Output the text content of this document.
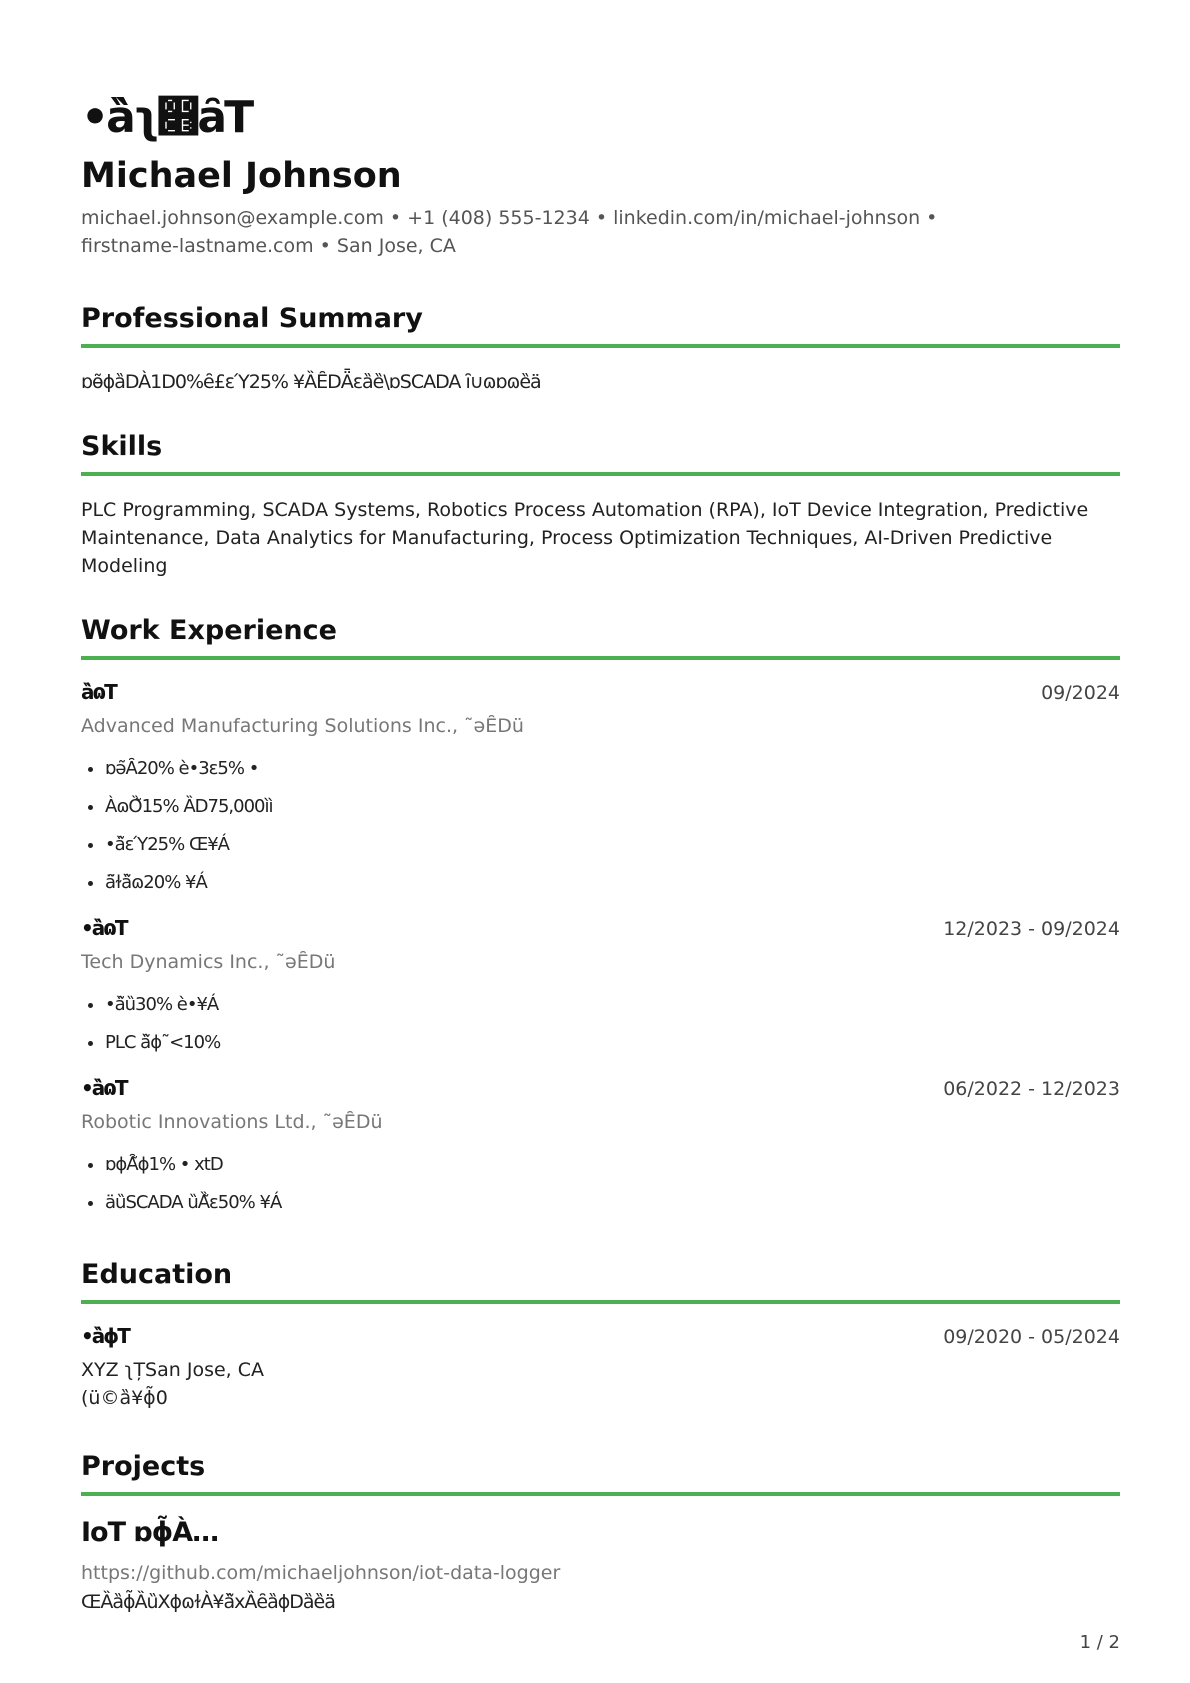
•ȁ̀ʅ෋ȃT
Michael Johnson
michael.johnson@example.com • +1 (408) 555-1234 • linkedin.com/in/michael-johnson •
firstname-lastname.com • San Jose, CA
Professional Summary
ɒɵ̃ɸȁDÀ1D0%ȇ£ɛΎ25% ¥ȀȆDǞɛȁȅ\ɒSCADA ȋ∪ɷɒɷȅä
Skills
PLC Programming, SCADA Systems, Robotics Process Automation (RPA), IoT Device Integration, Predictive
Maintenance, Data Analytics for Manufacturing, Process Optimization Techniques, AI-Driven Predictive Modeling
Work Experience
ȁ̀ɷT	09/2024
Advanced Manufacturing Solutions Inc., ˜ǝȆDü
• ɒǝ̃Ȃ20% è•3ɛ5% •
• ÀɷȌ̃15% ȀD75,000ìì
• •ȁ̃ɛΎ25% Œ¥Á
• ä̃ɫȁ̃ɷ20% ¥Á
•ȁ̀ɷT	12/2023 - 09/2024
Tech Dynamics Inc., ˜ǝȆDü
• •ȁ̃ȕ30% è•¥Á
• PLC ȁ̃ɸ˜<10%
•ȁ̀ɷT	06/2022 - 12/2023
Robotic Innovations Ltd., ˜ǝȆDü
• ɒɸȂ̃ɸ1% • xtD
• äȕSCADA ȕȀ̃ɛ50% ¥Á
Education
•ȁ̀ɸT	09/2020 - 05/2024
XYZ ʅȚSan Jose, CA
(ü©ȁ¥ɸ̃0
Projects
IoT ɒɸ̃À…
https://github.com/michaeljohnson/iot-data-logger
ŒȀȁɸ̃ȀȕXɸɷɫÀ¥ȁ̃xȀȇȁɸDȁȅä
1 / 2
